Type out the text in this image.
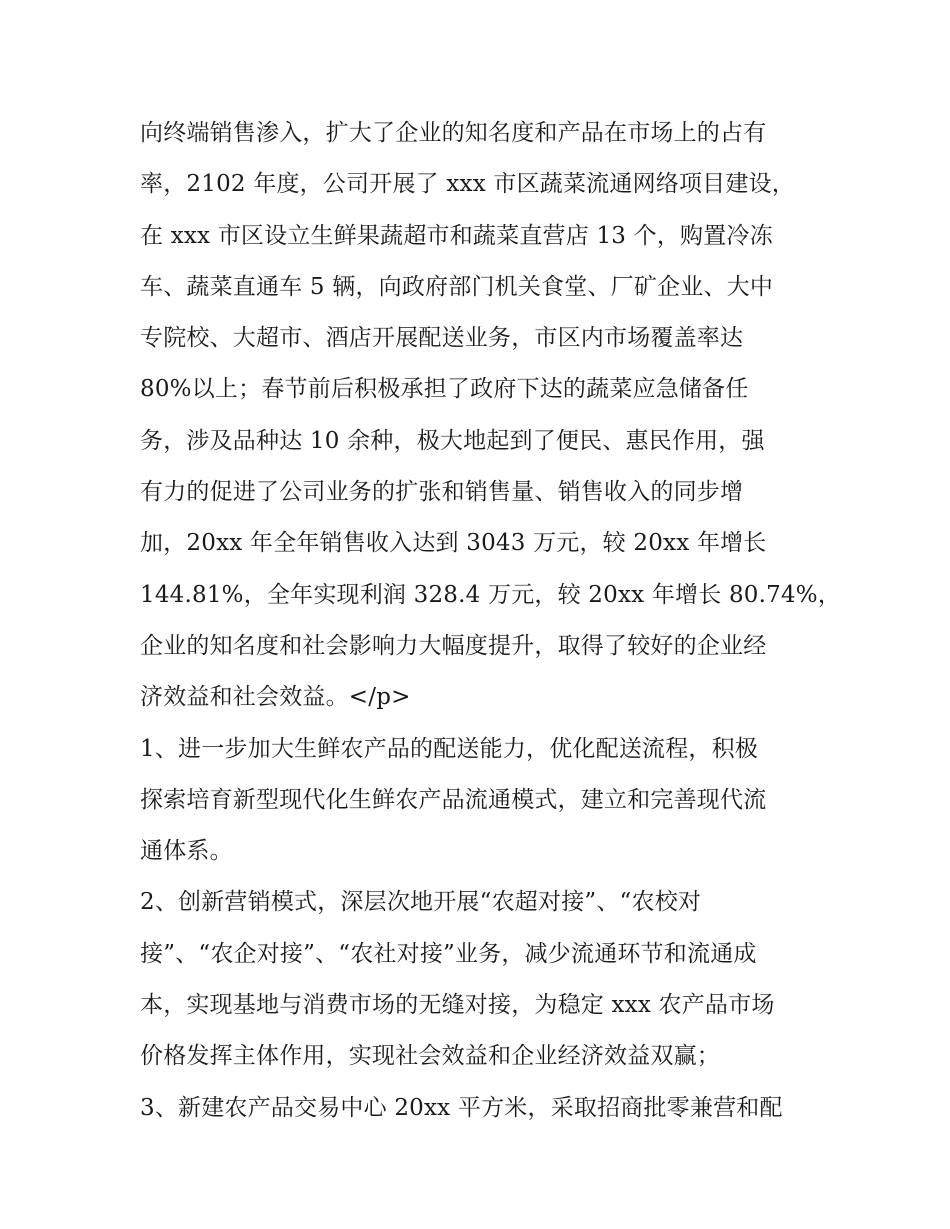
向终端销售渗入，扩大了企业的知名度和产品在市场上的占有
率，2102 年度，公司开展了 xxx 市区蔬菜流通网络项目建设，
在 xxx 市区设立生鲜果蔬超市和蔬菜直营店 13 个，购置冷冻
车、蔬菜直通车 5 辆，向政府部门机关食堂、厂矿企业、大中
专院校、大超市、酒店开展配送业务，市区内市场覆盖率达
80%以上；春节前后积极承担了政府下达的蔬菜应急储备任
务，涉及品种达 10 余种，极大地起到了便民、惠民作用，强
有力的促进了公司业务的扩张和销售量、销售收入的同步增
加，20xx 年全年销售收入达到 3043 万元，较 20xx 年增长
144.81%，全年实现利润 328.4 万元，较 20xx 年增长 80.74%，
企业的知名度和社会影响力大幅度提升，取得了较好的企业经
济效益和社会效益。</p>
1、进一步加大生鲜农产品的配送能力，优化配送流程，积极
探索培育新型现代化生鲜农产品流通模式，建立和完善现代流
通体系。
2、创新营销模式，深层次地开展“农超对接”、“农校对
接”、“农企对接”、“农社对接”业务，减少流通环节和流通成
本，实现基地与消费市场的无缝对接，为稳定 xxx 农产品市场
价格发挥主体作用，实现社会效益和企业经济效益双赢；
3、新建农产品交易中心 20xx 平方米，采取招商批零兼营和配
